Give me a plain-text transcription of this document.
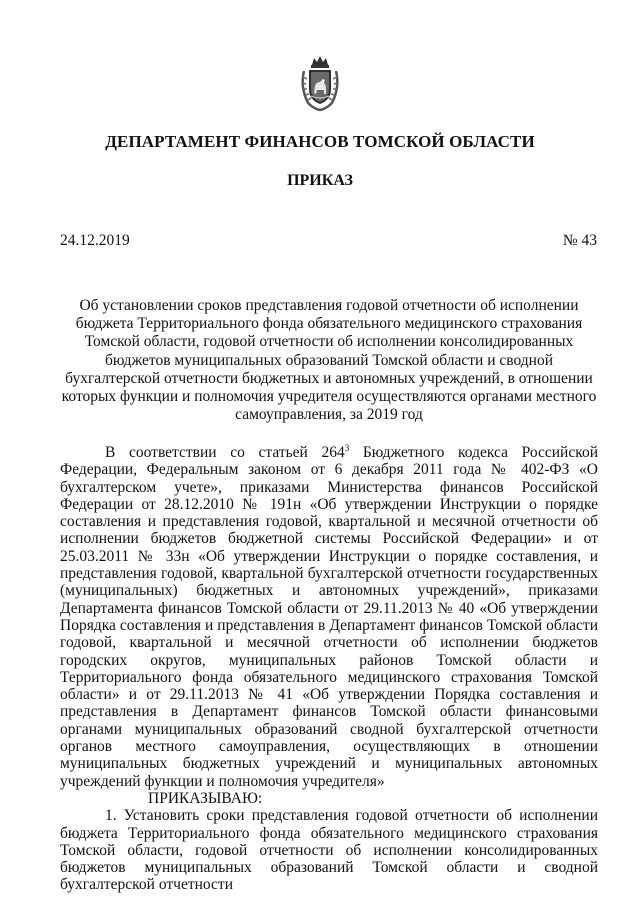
ДЕПАРТАМЕНТ ФИНАНСОВ ТОМСКОЙ ОБЛАСТИ
ПРИКАЗ
24.12.2019	№ 43
Об установлении сроков представления годовой отчетности об исполнении бюджета Территориального фонда обязательного медицинского страхования Томской области, годовой отчетности об исполнении консолидированных бюджетов муниципальных образований Томской области и сводной бухгалтерской отчетности бюджетных и автономных учреждений, в отношении которых функции и полномочия учредителя осуществляются органами местного самоуправления, за 2019 год

В соответствии со статьей $264^3$ Бюджетного кодекса Российской Федерации, Федеральным законом от 6 декабря 2011 года № 402-ФЗ «О бухгалтерском учете», приказами Министерства финансов Российской Федерации от 28.12.2010 № 191н «Об утверждении Инструкции о порядке составления и представления годовой, квартальной и месячной отчетности об исполнении бюджетов бюджетной системы Российской Федерации» и от 25.03.2011 № 33н «Об утверждении Инструкции о порядке составления, и представления годовой, квартальной бухгалтерской отчетности государственных (муниципальных) бюджетных и автономных учреждений», приказами Департамента финансов Томской области от 29.11.2013 № 40 «Об утверждении Порядка составления и представления в Департамент финансов Томской области годовой, квартальной и месячной отчетности об исполнении бюджетов городских округов, муниципальных районов Томской области и Территориального фонда обязательного медицинского страхования Томской области» и от 29.11.2013 № 41 «Об утверждении Порядка составления и представления в Департамент финансов Томской области финансовыми органами муниципальных образований сводной бухгалтерской отчетности органов местного самоуправления, осуществляющих в отношении муниципальных бюджетных учреждений и муниципальных автономных учреждений функции и полномочия учредителя»

ПРИКАЗЫВАЮ:

1. Установить сроки представления годовой отчетности об исполнении бюджета Территориального фонда обязательного медицинского страхования Томской области, годовой отчетности об исполнении консолидированных бюджетов муниципальных образований Томской области и сводной бухгалтерской отчетности
